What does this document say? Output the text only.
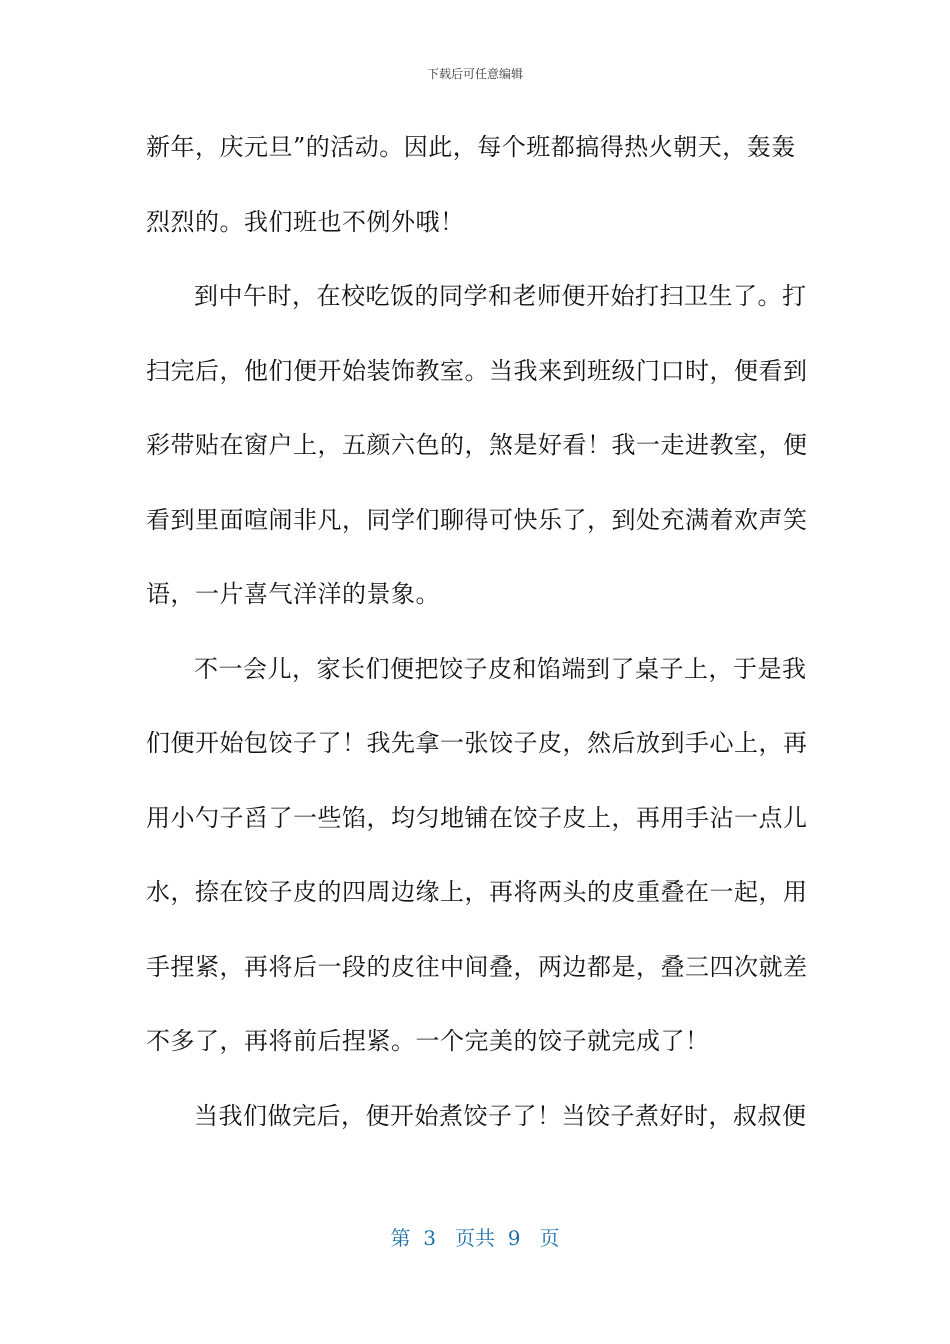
下载后可任意编辑
新年，庆元旦”的活动。因此，每个班都搞得热火朝天，轰轰
烈烈的。我们班也不例外哦！
到中午时，在校吃饭的同学和老师便开始打扫卫生了。打
扫完后，他们便开始装饰教室。当我来到班级门口时，便看到
彩带贴在窗户上，五颜六色的，煞是好看！我一走进教室，便
看到里面喧闹非凡，同学们聊得可快乐了，到处充满着欢声笑
语，一片喜气洋洋的景象。
不一会儿，家长们便把饺子皮和馅端到了桌子上，于是我
们便开始包饺子了！我先拿一张饺子皮，然后放到手心上，再
用小勺子舀了一些馅，均匀地铺在饺子皮上，再用手沾一点儿
水，捺在饺子皮的四周边缘上，再将两头的皮重叠在一起，用
手捏紧，再将后一段的皮往中间叠，两边都是，叠三四次就差
不多了，再将前后捏紧。一个完美的饺子就完成了！
当我们做完后，便开始煮饺子了！当饺子煮好时，叔叔便
第 3 页共 9 页
